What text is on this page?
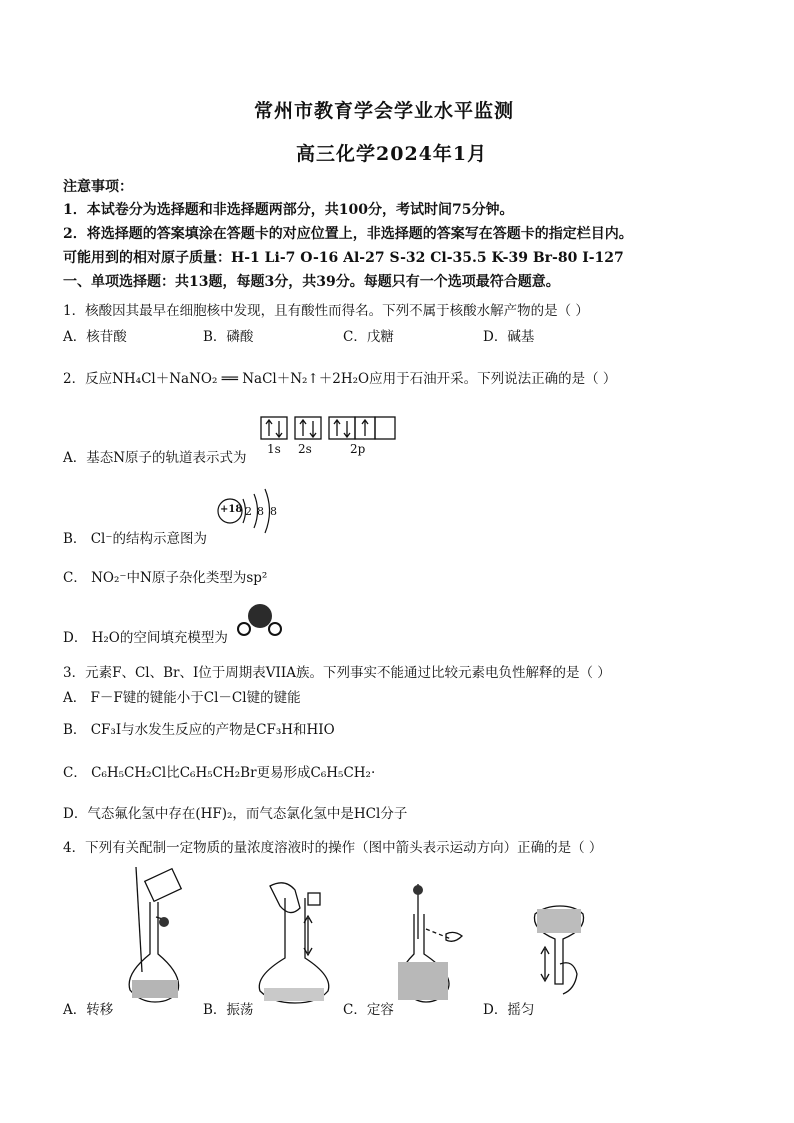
常州市教育学会学业水平监测
高三化学2024年1月
注意事项：
1．本试卷分为选择题和非选择题两部分，共100分，考试时间75分钟。
2．将选择题的答案填涂在答题卡的对应位置上，非选择题的答案写在答题卡的指定栏目内。
可能用到的相对原子质量：H-1 Li-7 O-16 Al-27 S-32 Cl-35.5 K-39 Br-80 I-127
一、单项选择题：共13题，每题3分，共39分。每题只有一个选项最符合题意。
1．核酸因其最早在细胞核中发现，且有酸性而得名。下列不属于核酸水解产物的是（ ）
A．核苷酸	B．磷酸	C．戊糖	D．碱基
2．反应NH₄Cl＋NaNO₂ ══ NaCl＋N₂↑＋2H₂O应用于石油开采。下列说法正确的是（ ）
A．基态N原子的轨道表示式为
1s 2s	2p
B． Cl⁻的结构示意图为
+18 2 8 8
C． NO₂⁻中N原子杂化类型为sp²
D． H₂O的空间填充模型为
3．元素F、Cl、Br、I位于周期表VIIA族。下列事实不能通过比较元素电负性解释的是（ ）
A． F－F键的键能小于Cl－Cl键的键能
B． CF₃I与水发生反应的产物是CF₃H和HIO
C． C₆H₅CH₂Cl比C₆H₅CH₂Br更易形成C₆H₅CH₂·
D．气态氟化氢中存在(HF)₂，而气态氯化氢中是HCl分子
4．下列有关配制一定物质的量浓度溶液时的操作（图中箭头表示运动方向）正确的是（ ）
A．转移	B．振荡	C．定容	D．摇匀
